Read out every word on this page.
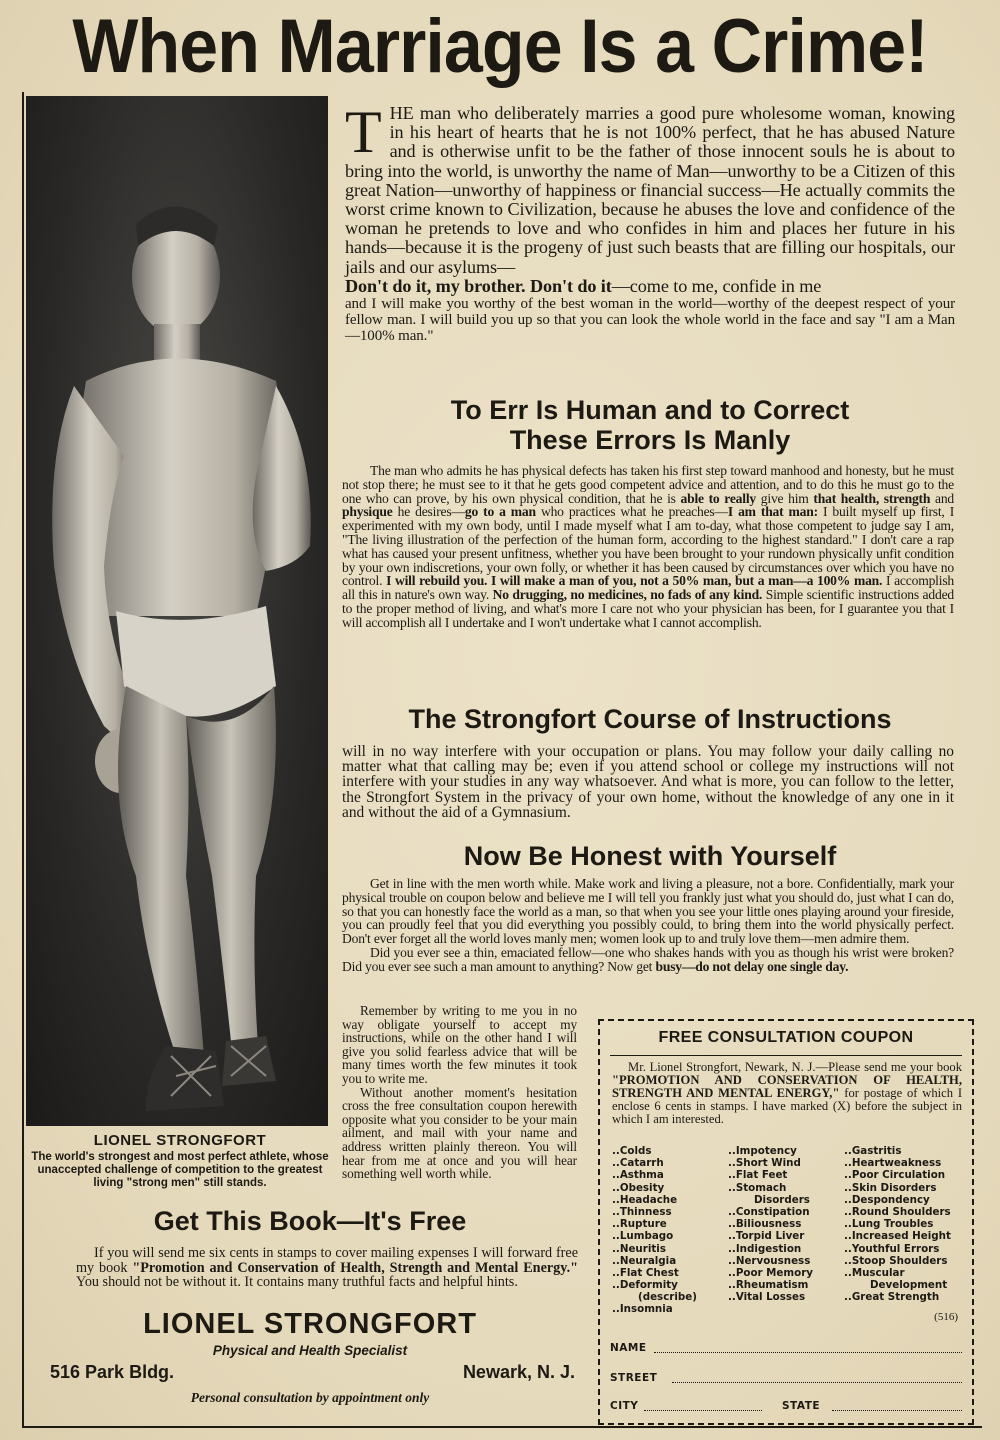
When Marriage Is a Crime!
LIONEL STRONGFORT
The world's strongest and most perfect athlete, whose unaccepted challenge of competition to the greatest living "strong men" still stands.
THE man who deliberately marries a good pure wholesome woman, knowing in his heart of hearts that he is not 100% perfect, that he has abused Nature and is otherwise unfit to be the father of those innocent souls he is about to bring into the world, is unworthy the name of Man—unworthy to be a Citizen of this great Nation—unworthy of happiness or financial success—He actually commits the worst crime known to Civilization, because he abuses the love and confidence of the woman he pretends to love and who confides in him and places her future in his hands—because it is the progeny of just such beasts that are filling our hospitals, our jails and our asylums—
Don't do it, my brother. Don't do it—come to me, confide in me
and I will make you worthy of the best woman in the world—worthy of the deepest respect of your fellow man. I will build you up so that you can look the whole world in the face and say "I am a Man—100% man."
To Err Is Human and to Correct
These Errors Is Manly

The man who admits he has physical defects has taken his first step toward manhood and honesty, but he must not stop there; he must see to it that he gets good competent advice and attention, and to do this he must go to the one who can prove, by his own physical condition, that he is able to really give him that health, strength and physique he desires—go to a man who practices what he preaches—I am that man: I built myself up first, I experimented with my own body, until I made myself what I am to-day, what those competent to judge say I am, "The living illustration of the perfection of the human form, according to the highest standard." I don't care a rap what has caused your present unfitness, whether you have been brought to your rundown physically unfit condition by your own indiscretions, your own folly, or whether it has been caused by circumstances over which you have no control. I will rebuild you. I will make a man of you, not a 50% man, but a man—a 100% man. I accomplish all this in nature's own way. No drugging, no medicines, no fads of any kind. Simple scientific instructions added to the proper method of living, and what's more I care not who your physician has been, for I guarantee you that I will accomplish all I undertake and I won't undertake what I cannot accomplish.

The Strongfort Course of Instructions
will in no way interfere with your occupation or plans. You may follow your daily calling no matter what that calling may be; even if you attend school or college my instructions will not interfere with your studies in any way whatsoever. And what is more, you can follow to the letter, the Strongfort System in the privacy of your own home, without the knowledge of any one in it and without the aid of a Gymnasium.
Now Be Honest with Yourself

Get in line with the men worth while. Make work and living a pleasure, not a bore. Confidentially, mark your physical trouble on coupon below and believe me I will tell you frankly just what you should do, just what I can do, so that you can honestly face the world as a man, so that when you see your little ones playing around your fireside, you can proudly feel that you did everything you possibly could, to bring them into the world physically perfect. Don't ever forget all the world loves manly men; women look up to and truly love them—men admire them.

Did you ever see a thin, emaciated fellow—one who shakes hands with you as though his wrist were broken? Did you ever see such a man amount to anything? Now get busy—do not delay one single day.

Remember by writing to me you in no way obligate yourself to accept my instructions, while on the other hand I will give you solid fearless advice that will be many times worth the few minutes it took you to write me.

Without another moment's hesitation cross the free consultation coupon herewith opposite what you consider to be your main ailment, and mail with your name and address written plainly thereon. You will hear from me at once and you will hear something well worth while.

Get This Book—It's Free

If you will send me six cents in stamps to cover mailing expenses I will forward free my book "Promotion and Conservation of Health, Strength and Mental Energy." You should not be without it. It contains many truthful facts and helpful hints.

LIONEL STRONGFORT
Physical and Health Specialist
516 Park Bldg.	Newark, N. J.
Personal consultation by appointment only
FREE CONSULTATION COUPON

Mr. Lionel Strongfort, Newark, N. J.—Please send me your book "PROMOTION AND CONSERVATION OF HEALTH, STRENGTH AND MENTAL ENERGY," for postage of which I enclose 6 cents in stamps. I have marked (X) before the subject in which I am interested.

..Colds
..Catarrh
..Asthma
..Obesity
..Headache
..Thinness
..Rupture
..Lumbago
..Neuritis
..Neuralgia
..Flat Chest
..Deformity
(describe)
..Insomnia
..Impotency
..Short Wind
..Flat Feet
..Stomach
Disorders
..Constipation
..Biliousness
..Torpid Liver
..Indigestion
..Nervousness
..Poor Memory
..Rheumatism
..Vital Losses
..Gastritis
..Heartweakness
..Poor Circulation
..Skin Disorders
..Despondency
..Round Shoulders
..Lung Troubles
..Increased Height
..Youthful Errors
..Stoop Shoulders
..Muscular
Development
..Great Strength
(516)
NAME
STREET
CITY	STATE
